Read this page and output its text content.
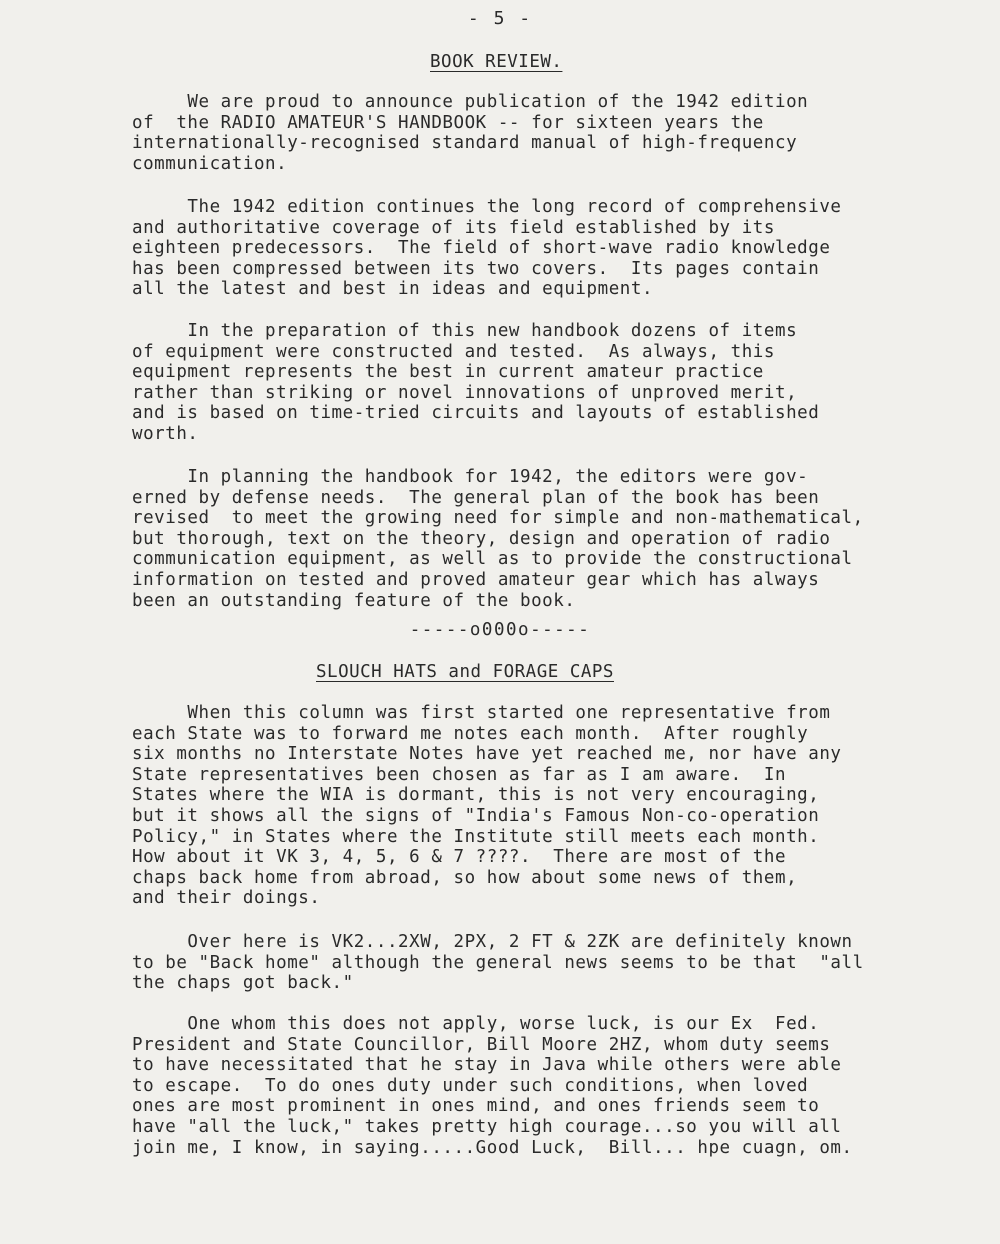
- 5 -
BOOK REVIEW.
We are proud to announce publication of the 1942 edition
of  the RADIO AMATEUR'S HANDBOOK -- for sixteen years the
internationally-recognised standard manual of high-frequency
communication.
The 1942 edition continues the long record of comprehensive
and authoritative coverage of its field established by its
eighteen predecessors.  The field of short-wave radio knowledge
has been compressed between its two covers.  Its pages contain
all the latest and best in ideas and equipment.
In the preparation of this new handbook dozens of items
of equipment were constructed and tested.  As always, this
equipment represents the best in current amateur practice
rather than striking or novel innovations of unproved merit,
and is based on time-tried circuits and layouts of established
worth.
In planning the handbook for 1942, the editors were gov-
erned by defense needs.  The general plan of the book has been
revised  to meet the growing need for simple and non-mathematical,
but thorough, text on the theory, design and operation of radio
communication equipment, as well as to provide the constructional
information on tested and proved amateur gear which has always
been an outstanding feature of the book.
-----o000o-----
SLOUCH HATS and FORAGE CAPS
When this column was first started one representative from
each State was to forward me notes each month.  After roughly
six months no Interstate Notes have yet reached me, nor have any
State representatives been chosen as far as I am aware.  In
States where the WIA is dormant, this is not very encouraging,
but it shows all the signs of "India's Famous Non-co-operation
Policy," in States where the Institute still meets each month.
How about it VK 3, 4, 5, 6 & 7 ????.  There are most of the
chaps back home from abroad, so how about some news of them,
and their doings.
Over here is VK2...2XW, 2PX, 2 FT & 2ZK are definitely known
to be "Back home" although the general news seems to be that  "all
the chaps got back."
One whom this does not apply, worse luck, is our Ex  Fed.
President and State Councillor, Bill Moore 2HZ, whom duty seems
to have necessitated that he stay in Java while others were able
to escape.  To do ones duty under such conditions, when loved
ones are most prominent in ones mind, and ones friends seem to
have "all the luck," takes pretty high courage...so you will all
join me, I know, in saying.....Good Luck,  Bill... hpe cuagn, om.
